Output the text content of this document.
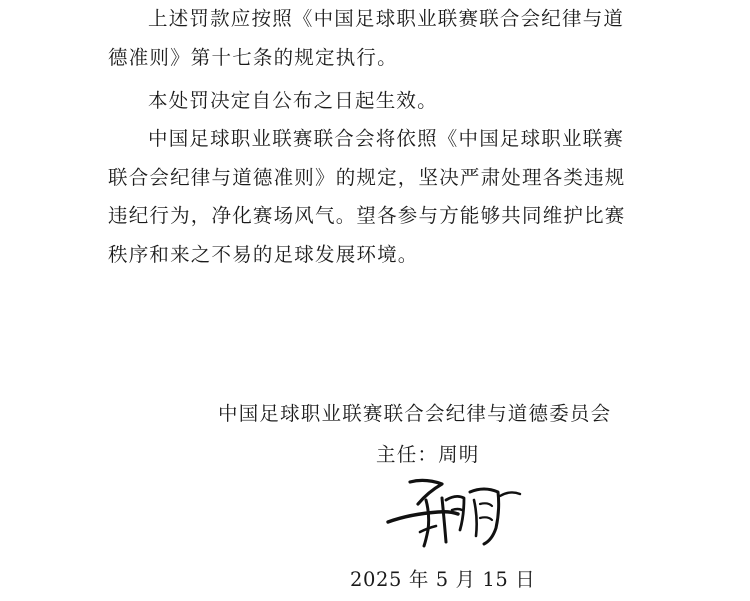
上述罚款应按照《中国足球职业联赛联合会纪律与道德准则》第十七条的规定执行。

本处罚决定自公布之日起生效。

中国足球职业联赛联合会将依照《中国足球职业联赛联合会纪律与道德准则》的规定，坚决严肃处理各类违规违纪行为，净化赛场风气。望各参与方能够共同维护比赛秩序和来之不易的足球发展环境。

中国足球职业联赛联合会纪律与道德委员会

主任：周明

2025 年 5 月 15 日
